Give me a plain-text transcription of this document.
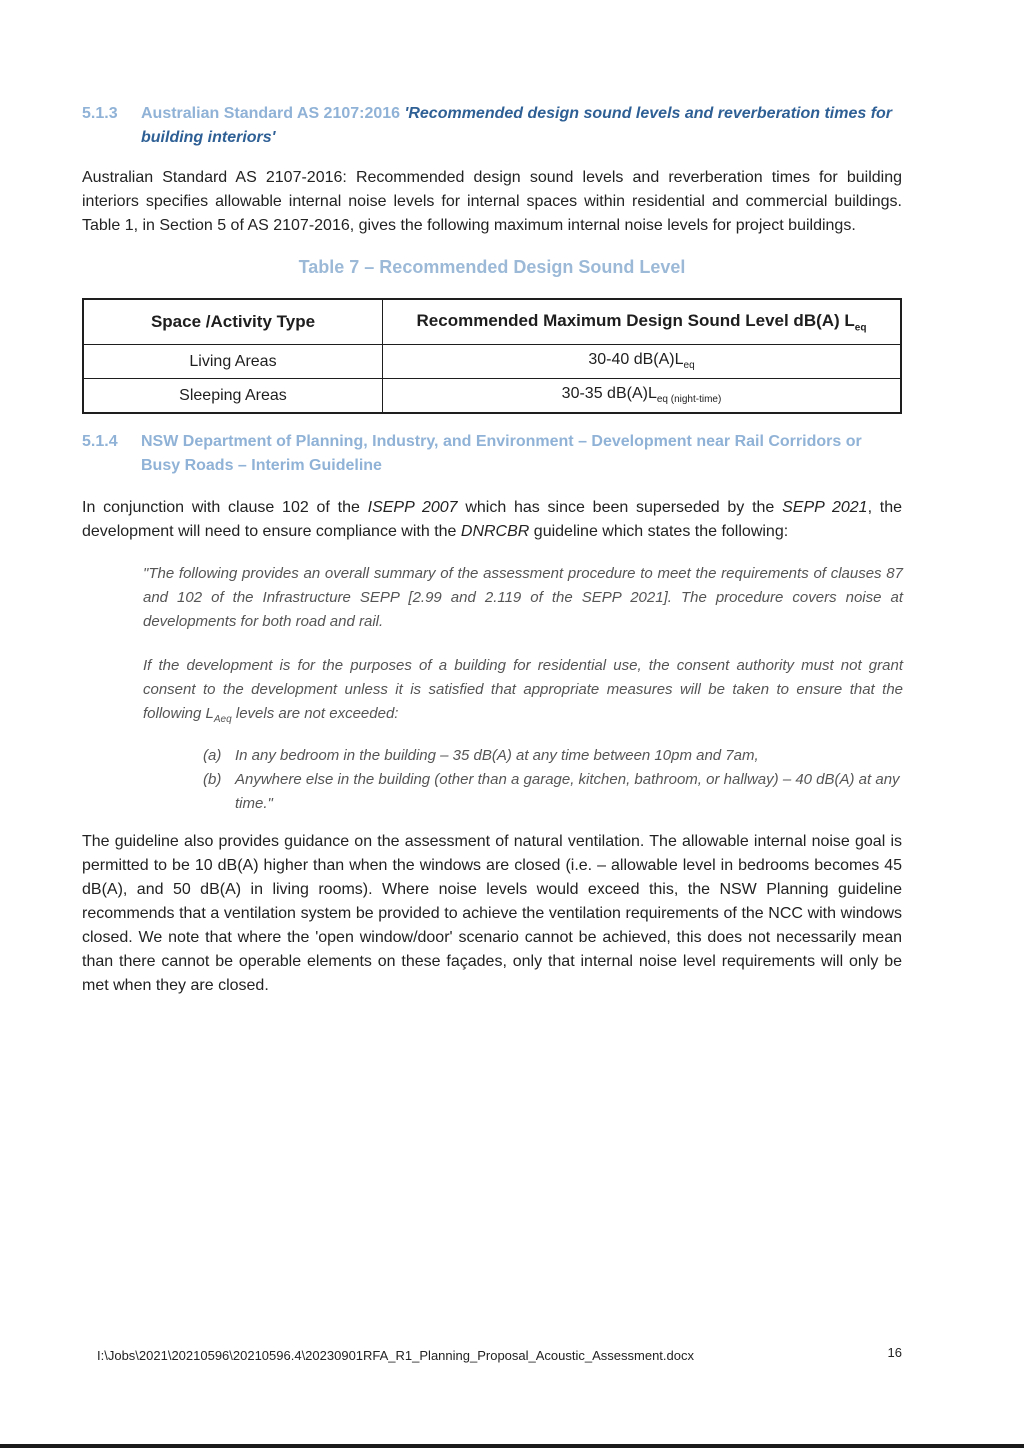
5.1.3 Australian Standard AS 2107:2016 'Recommended design sound levels and reverberation times for building interiors'
Australian Standard AS 2107-2016: Recommended design sound levels and reverberation times for building interiors specifies allowable internal noise levels for internal spaces within residential and commercial buildings. Table 1, in Section 5 of AS 2107-2016, gives the following maximum internal noise levels for project buildings.
Table 7 – Recommended Design Sound Level
Space /Activity Type	Recommended Maximum Design Sound Level dB(A) $L_{eq}$
Living Areas	30-40 $dB(A)L_{eq}$
Sleeping Areas	30-35 $dB(A)L_{eq (night-time)}$
5.1.4 NSW Department of Planning, Industry, and Environment – Development near Rail Corridors or Busy Roads – Interim Guideline
In conjunction with clause 102 of the ISEPP 2007 which has since been superseded by the SEPP 2021, the development will need to ensure compliance with the DNRCBR guideline which states the following:
"The following provides an overall summary of the assessment procedure to meet the requirements of clauses 87 and 102 of the Infrastructure SEPP [2.99 and 2.119 of the SEPP 2021]. The procedure covers noise at developments for both road and rail.
If the development is for the purposes of a building for residential use, the consent authority must not grant consent to the development unless it is satisfied that appropriate measures will be taken to ensure that the following $L_{Aeq}$ levels are not exceeded:
(a) In any bedroom in the building – 35 dB(A) at any time between 10pm and 7am,
(b) Anywhere else in the building (other than a garage, kitchen, bathroom, or hallway) – 40 dB(A) at any time."
The guideline also provides guidance on the assessment of natural ventilation. The allowable internal noise goal is permitted to be 10 dB(A) higher than when the windows are closed (i.e. – allowable level in bedrooms becomes 45 dB(A), and 50 dB(A) in living rooms). Where noise levels would exceed this, the NSW Planning guideline recommends that a ventilation system be provided to achieve the ventilation requirements of the NCC with windows closed. We note that where the 'open window/door' scenario cannot be achieved, this does not necessarily mean than there cannot be operable elements on these façades, only that internal noise level requirements will only be met when they are closed.
I:\Jobs\2021\20210596\20210596.4\20230901RFA_R1_Planning_Proposal_Acoustic_Assessment.docx	16
